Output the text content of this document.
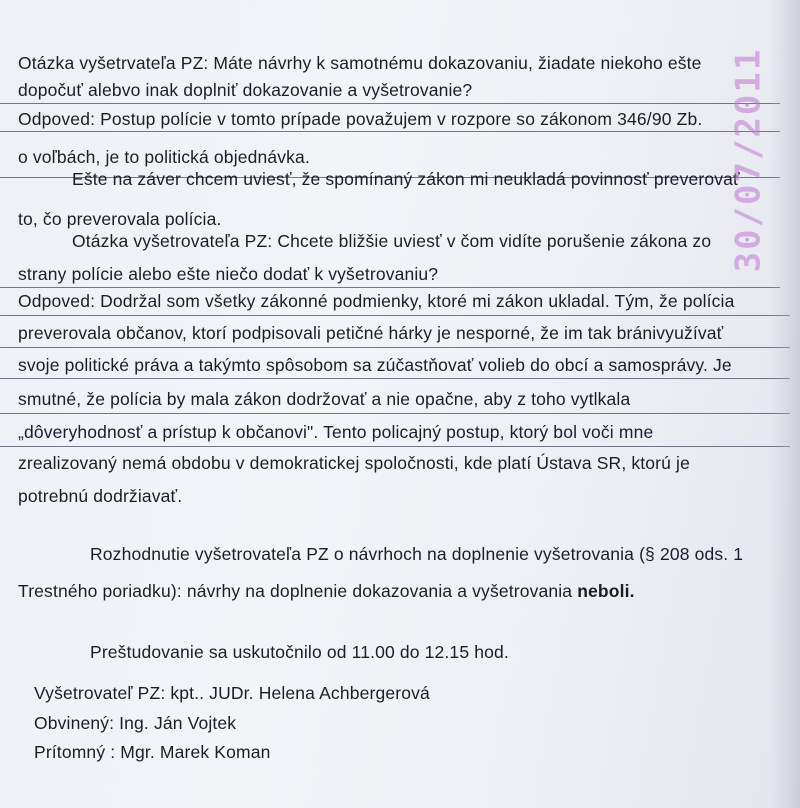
Otázka vyšetrvateľa PZ: Máte návrhy k samotnému dokazovaniu, žiadate niekoho ešte
dopočuť alebvo inak doplniť dokazovanie a vyšetrovanie?
Odpoved: Postup polície v tomto prípade považujem v rozpore so zákonom 346/90 Zb.
o voľbách, je to politická objednávka.
Ešte na záver chcem uviesť, že spomínaný zákon mi neukladá povinnosť preverovať
to, čo preverovala polícia.
Otázka vyšetrovateľa PZ: Chcete bližšie uviesť v čom vidíte porušenie zákona zo
strany polície alebo ešte niečo dodať k vyšetrovaniu?
Odpoved: Dodržal som všetky zákonné podmienky, ktoré mi zákon ukladal. Tým, že polícia
preverovala občanov, ktorí podpisovali petičné hárky je nesporné, že im tak bránivyužívať
svoje politické práva a takýmto spôsobom sa zúčastňovať volieb do obcí a samosprávy. Je
smutné, že polícia by mala zákon dodržovať a nie opačne, aby z toho vytlkala
„dôveryhodnosť a prístup k občanovi". Tento policajný postup, ktorý bol voči mne
zrealizovaný nemá obdobu v demokratickej spoločnosti, kde platí Ústava SR, ktorú je
potrebnú dodržiavať.
Rozhodnutie vyšetrovateľa PZ o návrhoch na doplnenie vyšetrovania (§ 208 ods. 1
Trestného poriadku): návrhy na doplnenie dokazovania a vyšetrovania neboli.
Preštudovanie sa uskutočnilo od 11.00 do 12.15 hod.
Vyšetrovateľ PZ: kpt.. JUDr. Helena Achbergerová
Obvinený: Ing. Ján Vojtek
Prítomný : Mgr. Marek Koman
30/07/2011
